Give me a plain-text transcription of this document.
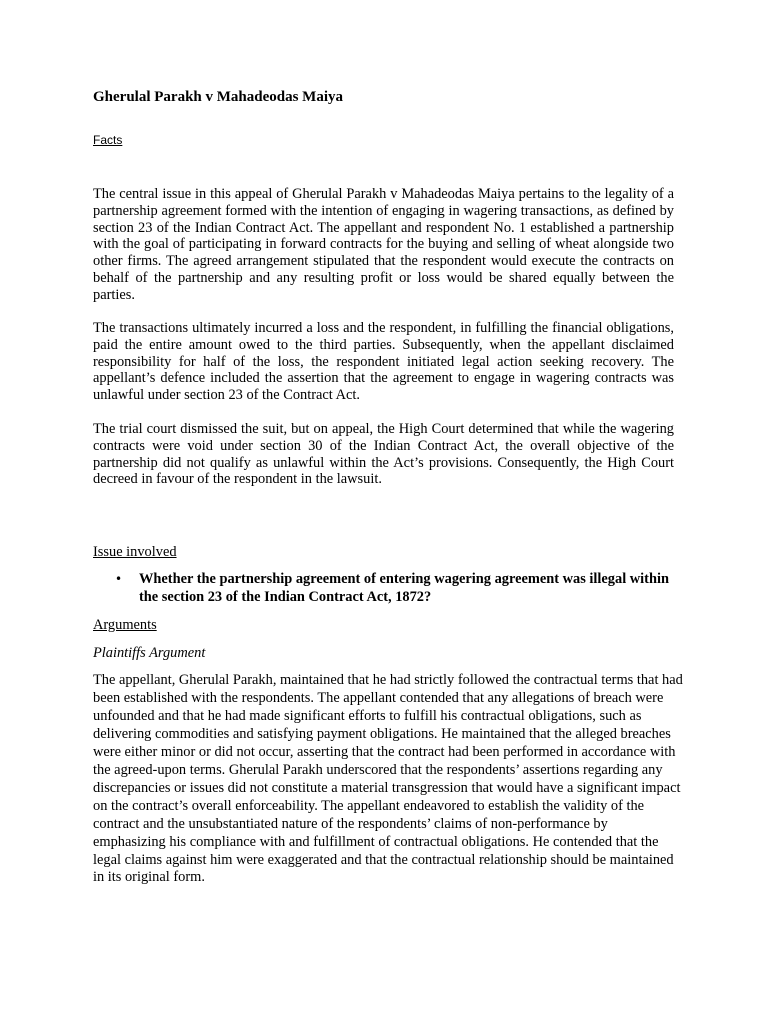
Gherulal Parakh v Mahadeodas Maiya

Facts

The central issue in this appeal of Gherulal Parakh v Mahadeodas Maiya pertains to the legality of a partnership agreement formed with the intention of engaging in wagering transactions, as defined by section 23 of the Indian Contract Act. The appellant and respondent No. 1 established a partnership with the goal of participating in forward contracts for the buying and selling of wheat alongside two other firms. The agreed arrangement stipulated that the respondent would execute the contracts on behalf of the partnership and any resulting profit or loss would be shared equally between the parties.

The transactions ultimately incurred a loss and the respondent, in fulfilling the financial obligations, paid the entire amount owed to the third parties. Subsequently, when the appellant disclaimed responsibility for half of the loss, the respondent initiated legal action seeking recovery. The appellant’s defence included the assertion that the agreement to engage in wagering contracts was unlawful under section 23 of the Contract Act.

The trial court dismissed the suit, but on appeal, the High Court determined that while the wagering contracts were void under section 30 of the Indian Contract Act, the overall objective of the partnership did not qualify as unlawful within the Act’s provisions. Consequently, the High Court decreed in favour of the respondent in the lawsuit.

Issue involved

• Whether the partnership agreement of entering wagering agreement was illegal within the section 23 of the Indian Contract Act, 1872?

Arguments

Plaintiffs Argument

The appellant, Gherulal Parakh, maintained that he had strictly followed the contractual terms that had been established with the respondents. The appellant contended that any allegations of breach were unfounded and that he had made significant efforts to fulfill his contractual obligations, such as delivering commodities and satisfying payment obligations. He maintained that the alleged breaches were either minor or did not occur, asserting that the contract had been performed in accordance with the agreed-upon terms. Gherulal Parakh underscored that the respondents’ assertions regarding any discrepancies or issues did not constitute a material transgression that would have a significant impact on the contract’s overall enforceability. The appellant endeavored to establish the validity of the contract and the unsubstantiated nature of the respondents’ claims of non-performance by emphasizing his compliance with and fulfillment of contractual obligations. He contended that the legal claims against him were exaggerated and that the contractual relationship should be maintained in its original form.
